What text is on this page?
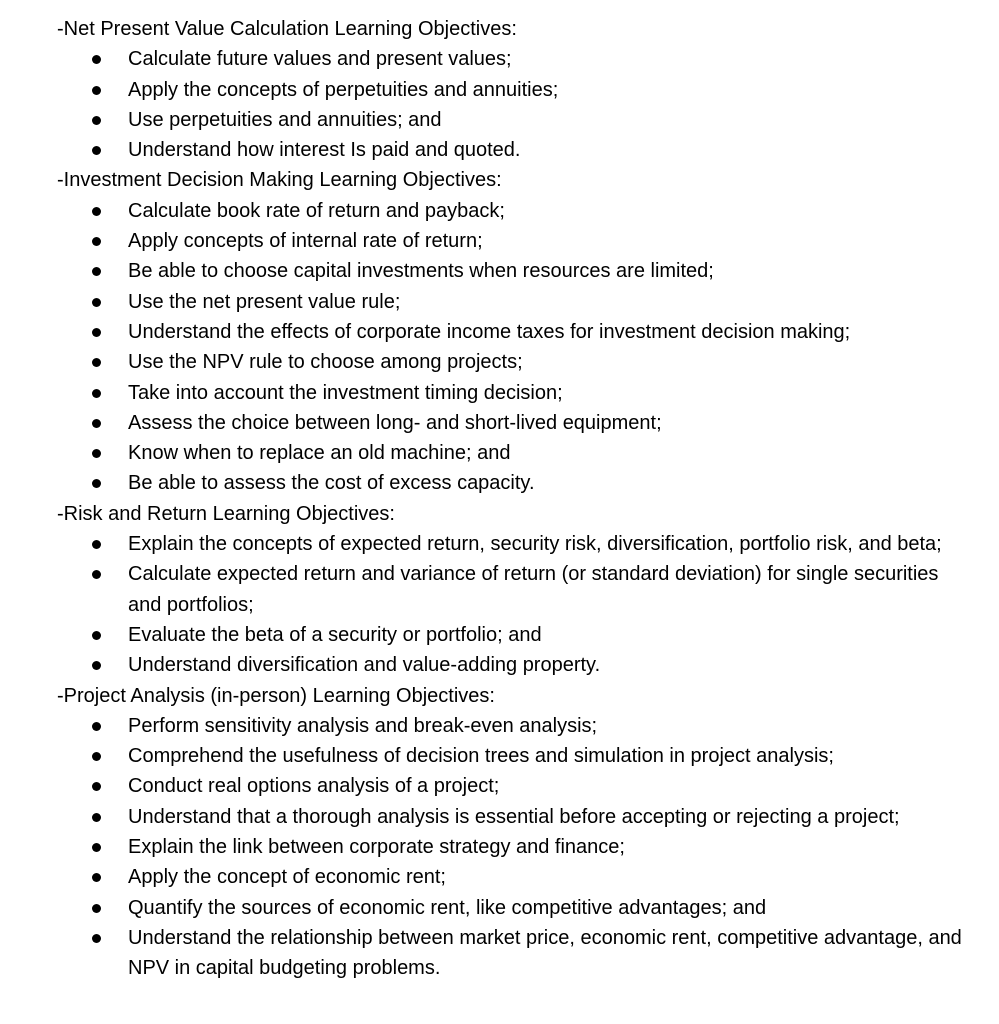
-Net Present Value Calculation Learning Objectives:
Calculate future values and present values;
Apply the concepts of perpetuities and annuities;
Use perpetuities and annuities; and
Understand how interest Is paid and quoted.
-Investment Decision Making Learning Objectives:
Calculate book rate of return and payback;
Apply concepts of internal rate of return;
Be able to choose capital investments when resources are limited;
Use the net present value rule;
Understand the effects of corporate income taxes for investment decision making;
Use the NPV rule to choose among projects;
Take into account the investment timing decision;
Assess the choice between long- and short-lived equipment;
Know when to replace an old machine; and
Be able to assess the cost of excess capacity.
-Risk and Return Learning Objectives:
Explain the concepts of expected return, security risk, diversification, portfolio risk, and beta;
Calculate expected return and variance of return (or standard deviation) for single securities and portfolios;
Evaluate the beta of a security or portfolio; and
Understand diversification and value-adding property.
-Project Analysis (in-person) Learning Objectives:
Perform sensitivity analysis and break-even analysis;
Comprehend the usefulness of decision trees and simulation in project analysis;
Conduct real options analysis of a project;
Understand that a thorough analysis is essential before accepting or rejecting a project;
Explain the link between corporate strategy and finance;
Apply the concept of economic rent;
Quantify the sources of economic rent, like competitive advantages; and
Understand the relationship between market price, economic rent, competitive advantage, and NPV in capital budgeting problems.
